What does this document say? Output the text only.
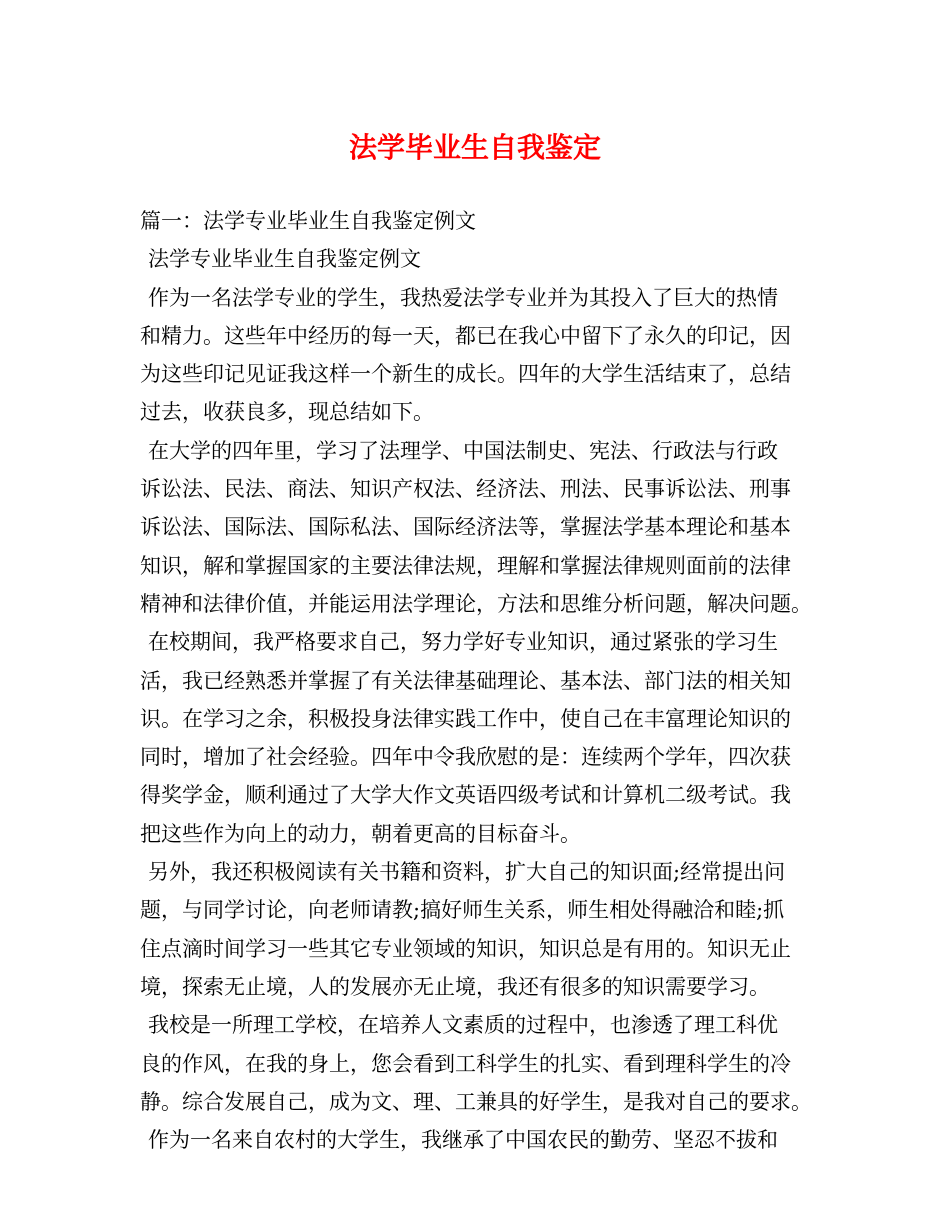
法学毕业生自我鉴定
篇一：法学专业毕业生自我鉴定例文
法学专业毕业生自我鉴定例文
作为一名法学专业的学生，我热爱法学专业并为其投入了巨大的热情
和精力。这些年中经历的每一天，都已在我心中留下了永久的印记，因
为这些印记见证我这样一个新生的成长。四年的大学生活结束了，总结
过去，收获良多，现总结如下。
在大学的四年里，学习了法理学、中国法制史、宪法、行政法与行政
诉讼法、民法、商法、知识产权法、经济法、刑法、民事诉讼法、刑事
诉讼法、国际法、国际私法、国际经济法等，掌握法学基本理论和基本
知识，解和掌握国家的主要法律法规，理解和掌握法律规则面前的法律
精神和法律价值，并能运用法学理论，方法和思维分析问题，解决问题。
在校期间，我严格要求自己，努力学好专业知识，通过紧张的学习生
活，我已经熟悉并掌握了有关法律基础理论、基本法、部门法的相关知
识。在学习之余，积极投身法律实践工作中，使自己在丰富理论知识的
同时，增加了社会经验。四年中令我欣慰的是：连续两个学年，四次获
得奖学金，顺利通过了大学大作文英语四级考试和计算机二级考试。我
把这些作为向上的动力，朝着更高的目标奋斗。
另外，我还积极阅读有关书籍和资料，扩大自己的知识面;经常提出问
题，与同学讨论，向老师请教;搞好师生关系，师生相处得融洽和睦;抓
住点滴时间学习一些其它专业领域的知识，知识总是有用的。知识无止
境，探索无止境，人的发展亦无止境，我还有很多的知识需要学习。
我校是一所理工学校，在培养人文素质的过程中，也渗透了理工科优
良的作风，在我的身上，您会看到工科学生的扎实、看到理科学生的冷
静。综合发展自己，成为文、理、工兼具的好学生，是我对自己的要求。
作为一名来自农村的大学生，我继承了中国农民的勤劳、坚忍不拔和
